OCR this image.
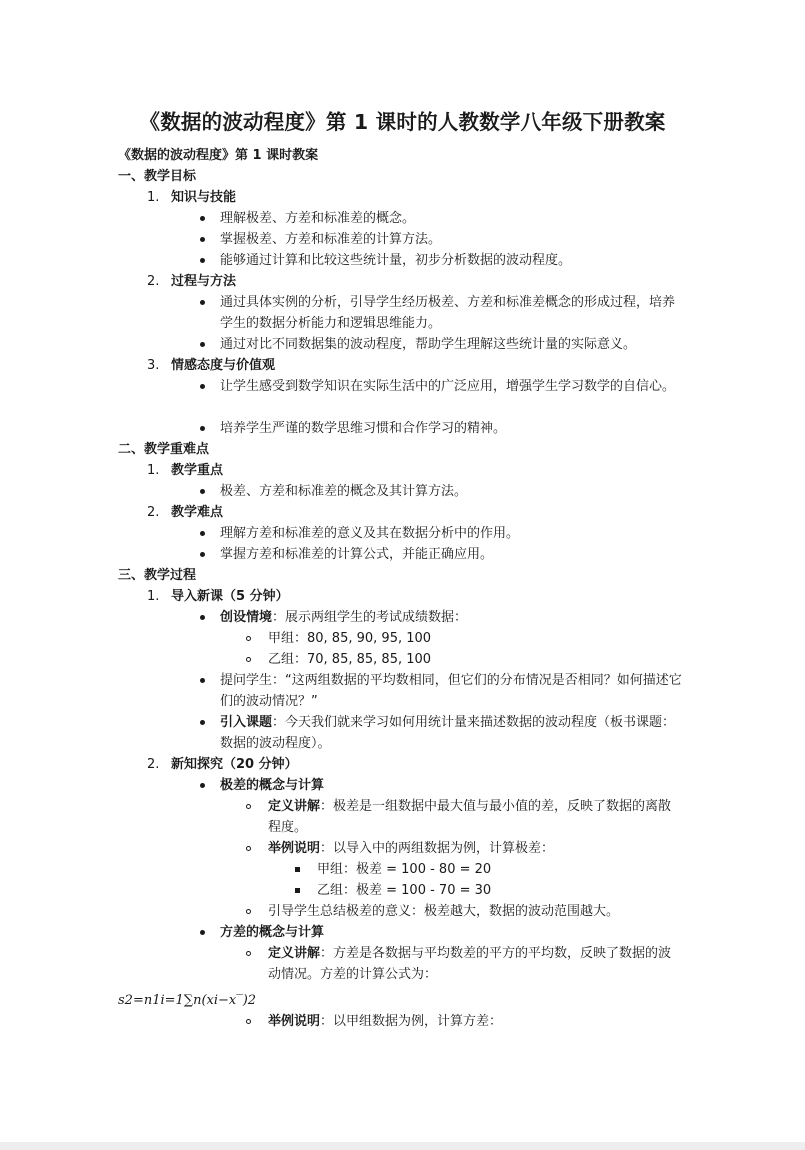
《数据的波动程度》第 1 课时的人教数学八年级下册教案
《数据的波动程度》第 1 课时教案
一、教学目标
1. 知识与技能
理解极差、方差和标准差的概念。
掌握极差、方差和标准差的计算方法。
能够通过计算和比较这些统计量，初步分析数据的波动程度。
2. 过程与方法
通过具体实例的分析，引导学生经历极差、方差和标准差概念的形成过程，培养学生的数据分析能力和逻辑思维能力。
通过对比不同数据集的波动程度，帮助学生理解这些统计量的实际意义。
3. 情感态度与价值观
让学生感受到数学知识在实际生活中的广泛应用，增强学生学习数学的自信心。
培养学生严谨的数学思维习惯和合作学习的精神。
二、教学重难点
1. 教学重点
极差、方差和标准差的概念及其计算方法。
2. 教学难点
理解方差和标准差的意义及其在数据分析中的作用。
掌握方差和标准差的计算公式，并能正确应用。
三、教学过程
1. 导入新课（5 分钟）
创设情境：展示两组学生的考试成绩数据：
甲组：80, 85, 90, 95, 100
乙组：70, 85, 85, 85, 100
提问学生：“这两组数据的平均数相同，但它们的分布情况是否相同？如何描述它们的波动情况？”
引入课题：今天我们就来学习如何用统计量来描述数据的波动程度（板书课题：数据的波动程度）。
2. 新知探究（20 分钟）
极差的概念与计算
定义讲解：极差是一组数据中最大值与最小值的差，反映了数据的离散程度。
举例说明：以导入中的两组数据为例，计算极差：
甲组：极差 = 100 - 80 = 20
乙组：极差 = 100 - 70 = 30
引导学生总结极差的意义：极差越大，数据的波动范围越大。
方差的概念与计算
定义讲解：方差是各数据与平均数差的平方的平均数，反映了数据的波动情况。方差的计算公式为：
s2=n1i=1∑n(xi−x‾)2
举例说明：以甲组数据为例，计算方差：
